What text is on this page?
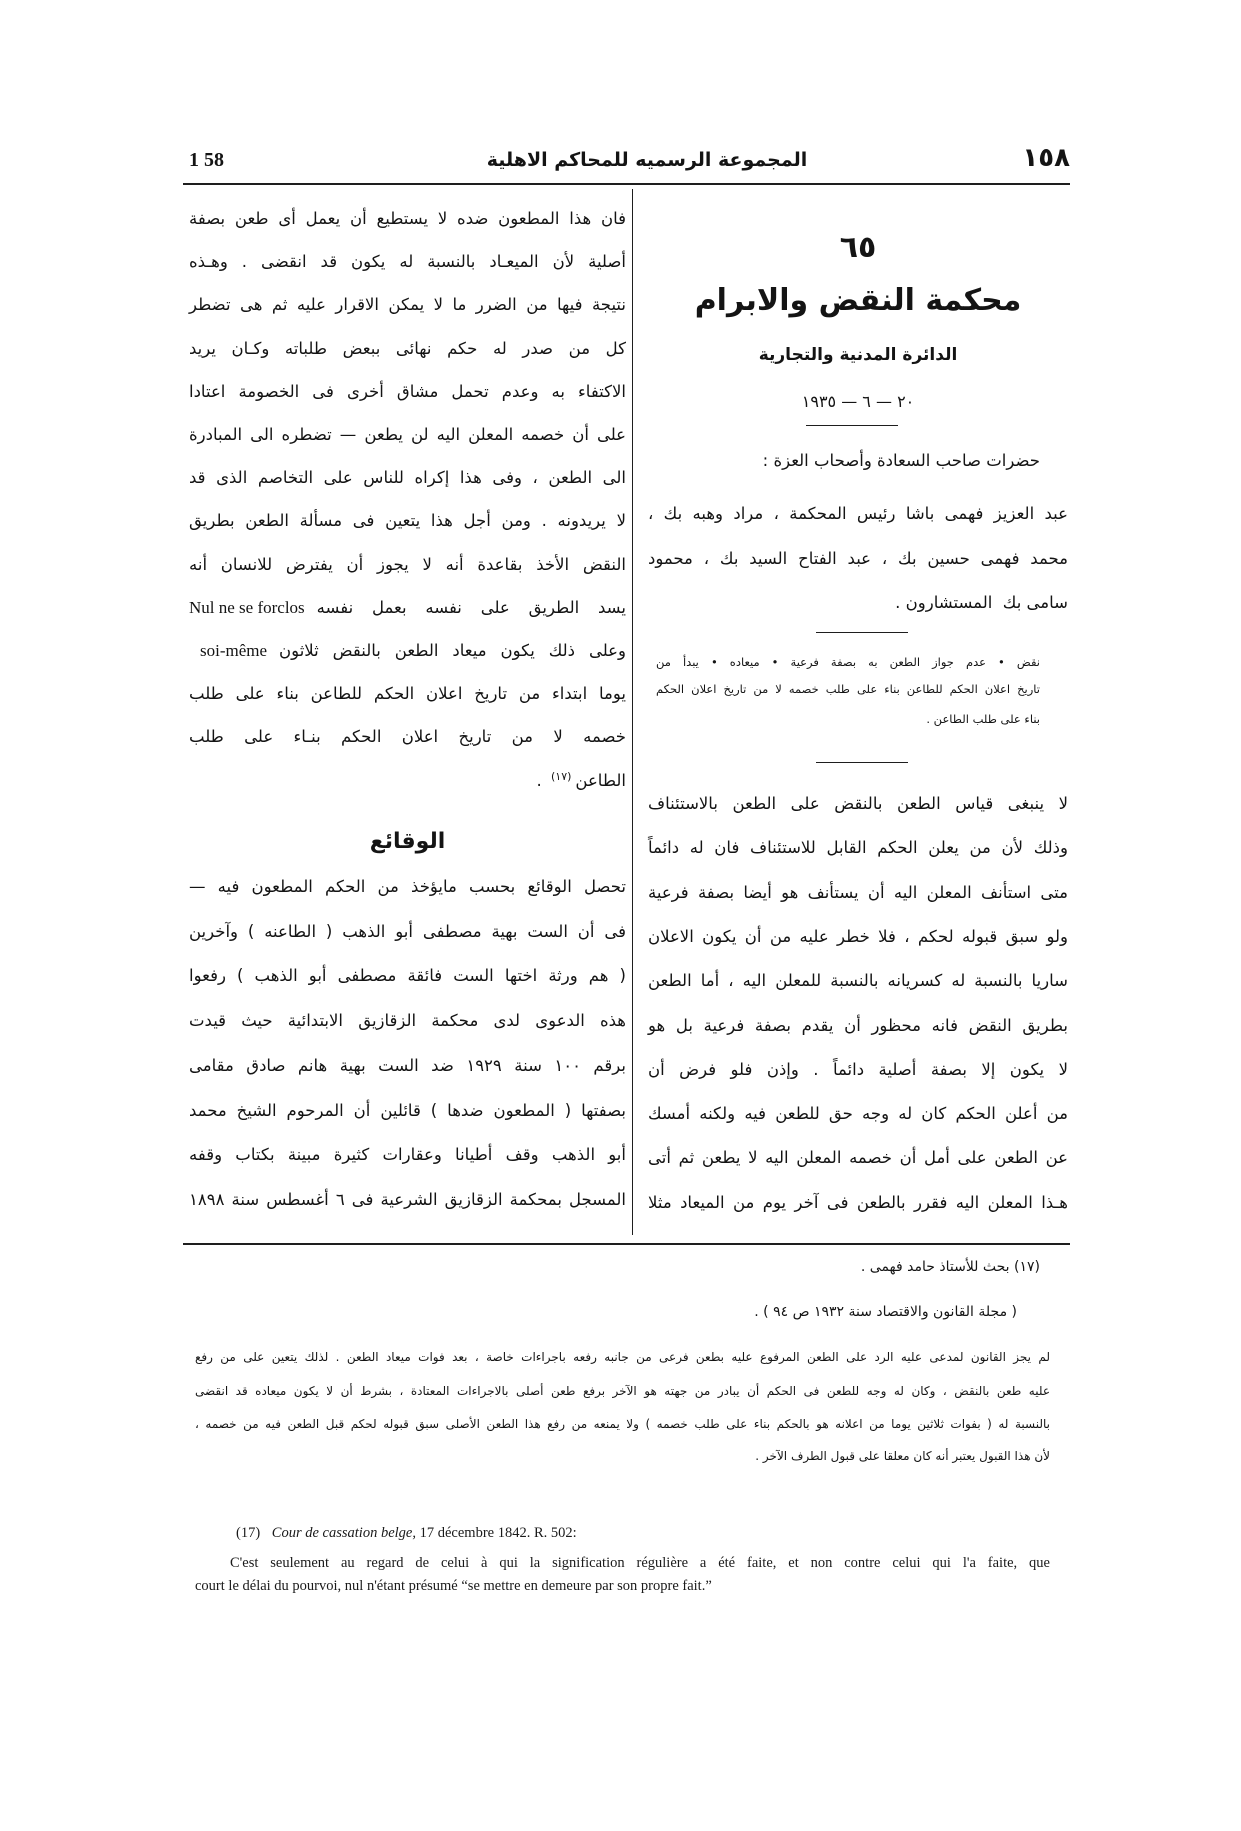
1 58	المجموعة الرسميه للمحاكم الاهلية	١٥٨
٦٥
محكمة النقض والابرام
الدائرة المدنية والتجارية
٢٠ — ٦ — ١٩٣٥
حضرات صاحب السعادة وأصحاب العزة :
عبد العزيز فهمى باشا رئيس المحكمة ، مراد وهبه بك ،
محمد فهمى حسين بك ، عبد الفتاح السيد بك ، محمود
سامى بك  المستشارون .
نقض • عدم جواز الطعن به بصفة فرعية • ميعاده • يبدأ من
تاريخ اعلان الحكم للطاعن بناء على طلب خصمه لا من تاريخ اعلان الحكم
بناء على طلب الطاعن .
لا ينبغى قياس الطعن بالنقض على الطعن بالاستئناف
وذلك لأن من يعلن الحكم القابل للاستئناف فان له دائماً
متى استأنف المعلن اليه أن يستأنف هو أيضا بصفة فرعية
ولو سبق قبوله لحكم ، فلا خطر عليه من أن يكون الاعلان
ساريا بالنسبة له كسريانه بالنسبة للمعلن اليه ، أما الطعن
بطريق النقض فانه محظور أن يقدم بصفة فرعية بل هو
لا يكون إلا بصفة أصلية دائماً . وإذن فلو فرض أن
من أعلن الحكم كان له وجه حق للطعن فيه ولكنه أمسك
عن الطعن على أمل أن خصمه المعلن اليه لا يطعن ثم أتى
هـذا المعلن اليه فقرر بالطعن فى آخر يوم من الميعاد مثلا
فان هذا المطعون ضده لا يستطيع أن يعمل أى طعن بصفة
أصلية لأن الميعـاد بالنسبة له يكون قد انقضى . وهـذه
نتيجة فيها من الضرر ما لا يمكن الاقرار عليه ثم هى تضطر
كل من صدر له حكم نهائى ببعض طلباته وكـان يريد
الاكتفاء به وعدم تحمل مشاق أخرى فى الخصومة اعتادا
على أن خصمه المعلن اليه لن يطعن — تضطره الى المبادرة
الى الطعن ، وفى هذا إكراه للناس على التخاصم الذى قد
لا يريدونه . ومن أجل هذا يتعين فى مسألة الطعن بطريق
النقض الأخذ بقاعدة أنه لا يجوز أن يفترض للانسان أنه
يسد الطريق على نفسه بعمل نفسه
Nul ne se forclos
وعلى ذلك يكون ميعاد الطعن بالنقض ثلاثون
soi-même
يوما ابتداء من تاريخ اعلان الحكم للطاعن بناء على طلب
خصمه لا من تاريخ اعلان الحكم بنـاء على طلب
الطاعن$^{(١٧)}$ .
الوقائع
تحصل الوقائع بحسب مايؤخذ من الحكم المطعون فيه —
فى أن الست بهية مصطفى أبو الذهب ( الطاعنه ) وآخرين
( هم ورثة اختها الست فائقة مصطفى أبو الذهب ) رفعوا
هذه الدعوى لدى محكمة الزقازيق الابتدائية حيث قيدت
برقم ١٠٠ سنة ١٩٢٩ ضد الست بهية هانم صادق مقامى
بصفتها ( المطعون ضدها ) قائلين أن المرحوم الشيخ محمد
أبو الذهب وقف أطيانا وعقارات كثيرة مبينة بكتاب وقفه
المسجل بمحكمة الزقازيق الشرعية فى ٦ أغسطس سنة ١٨٩٨
(١٧) بحث للأستاذ حامد فهمى .
( مجلة القانون والاقتصاد سنة ١٩٣٢ ص ٩٤ ) .
لم يجز القانون لمدعى عليه الرد على الطعن المرفوع عليه بطعن فرعى من جانبه رفعه باجراءات خاصة ، بعد فوات ميعاد الطعن . لذلك يتعين على من رفع
عليه طعن بالنقض ، وكان له وجه للطعن فى الحكم أن يبادر من جهته هو الآخر برفع طعن أصلى بالاجراءات المعتادة ، بشرط أن لا يكون ميعاده قد انقضى
بالنسبة له ( بفوات ثلاثين يوما من اعلانه هو بالحكم بناء على طلب خصمه ) ولا يمنعه من رفع هذا الطعن الأصلى سبق قبوله لحكم قبل الطعن فيه من خصمه ،
لأن هذا القبول يعتبر أنه كان معلقا على قبول الطرف الآخر .
(17) Cour de cassation belge, 17 décembre 1842. R. 502:
C'est seulement au regard de celui à qui la signification régulière a été faite, et non contre celui qui l'a faite, que
court le délai du pourvoi, nul n'étant présumé “se mettre en demeure par son propre fait.”
